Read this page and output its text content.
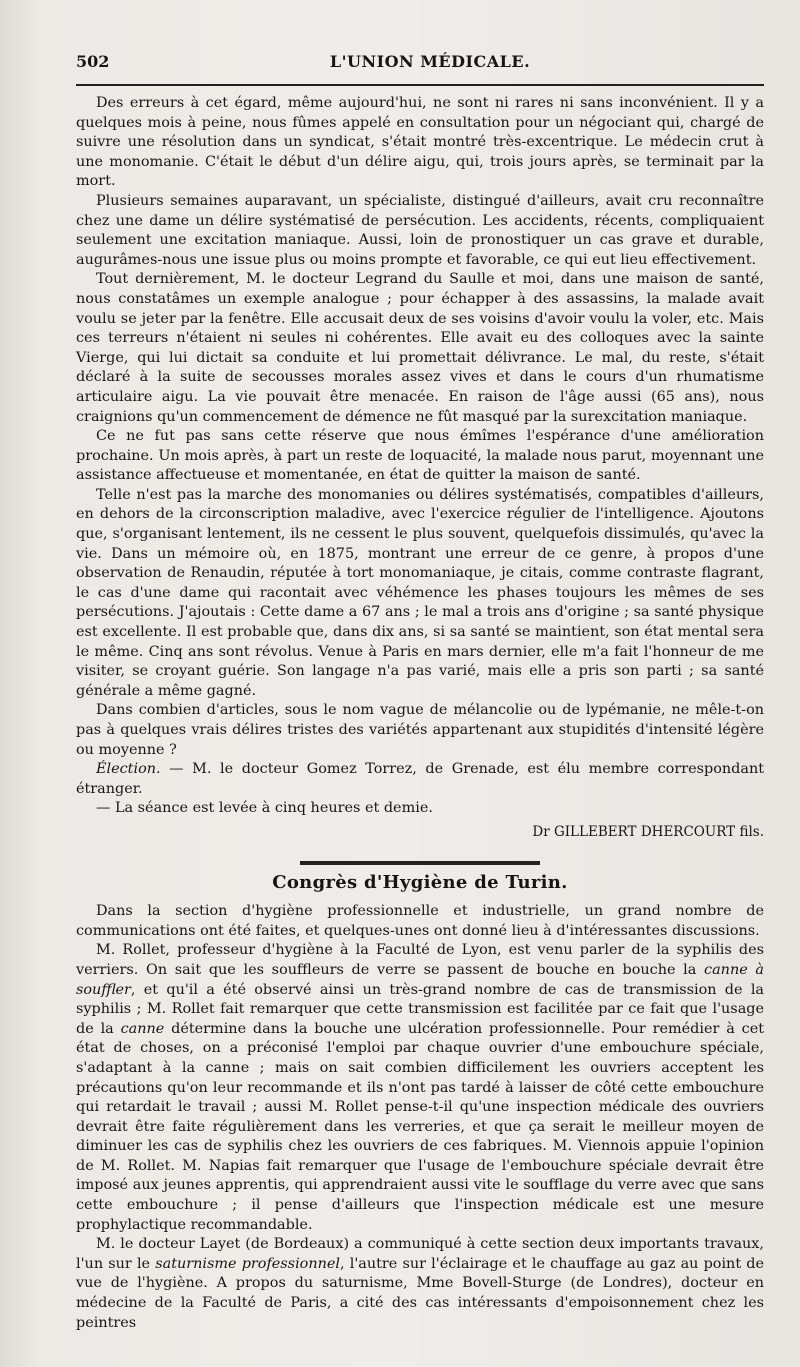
502	L'UNION MÉDICALE.

Des erreurs à cet égard, même aujourd'hui, ne sont ni rares ni sans inconvénient. Il y a quelques mois à peine, nous fûmes appelé en consultation pour un négociant qui, chargé de suivre une résolution dans un syndicat, s'était montré très-excentrique. Le médecin crut à une monomanie. C'était le début d'un délire aigu, qui, trois jours après, se terminait par la mort.

Plusieurs semaines auparavant, un spécialiste, distingué d'ailleurs, avait cru reconnaître chez une dame un délire systématisé de persécution. Les accidents, récents, compliquaient seulement une excitation maniaque. Aussi, loin de pronostiquer un cas grave et durable, augurâmes-nous une issue plus ou moins prompte et favorable, ce qui eut lieu effectivement.

Tout dernièrement, M. le docteur Legrand du Saulle et moi, dans une maison de santé, nous constatâmes un exemple analogue ; pour échapper à des assassins, la malade avait voulu se jeter par la fenêtre. Elle accusait deux de ses voisins d'avoir voulu la voler, etc. Mais ces terreurs n'étaient ni seules ni cohérentes. Elle avait eu des colloques avec la sainte Vierge, qui lui dictait sa conduite et lui promettait délivrance. Le mal, du reste, s'était déclaré à la suite de secousses morales assez vives et dans le cours d'un rhumatisme articulaire aigu. La vie pouvait être menacée. En raison de l'âge aussi (65 ans), nous craignions qu'un commencement de démence ne fût masqué par la surexcitation maniaque.

Ce ne fut pas sans cette réserve que nous émîmes l'espérance d'une amélioration prochaine. Un mois après, à part un reste de loquacité, la malade nous parut, moyennant une assistance affectueuse et momentanée, en état de quitter la maison de santé.

Telle n'est pas la marche des monomanies ou délires systématisés, compatibles d'ailleurs, en dehors de la circonscription maladive, avec l'exercice régulier de l'intelligence. Ajoutons que, s'organisant lentement, ils ne cessent le plus souvent, quelquefois dissimulés, qu'avec la vie. Dans un mémoire où, en 1875, montrant une erreur de ce genre, à propos d'une observation de Renaudin, réputée à tort monomaniaque, je citais, comme contraste flagrant, le cas d'une dame qui racontait avec véhémence les phases toujours les mêmes de ses persécutions. J'ajoutais : Cette dame a 67 ans ; le mal a trois ans d'origine ; sa santé physique est excellente. Il est probable que, dans dix ans, si sa santé se maintient, son état mental sera le même. Cinq ans sont révolus. Venue à Paris en mars dernier, elle m'a fait l'honneur de me visiter, se croyant guérie. Son langage n'a pas varié, mais elle a pris son parti ; sa santé générale a même gagné.

Dans combien d'articles, sous le nom vague de mélancolie ou de lypémanie, ne mêle-t-on pas à quelques vrais délires tristes des variétés appartenant aux stupidités d'intensité légère ou moyenne ?

Élection. — M. le docteur Gomez Torrez, de Grenade, est élu membre correspondant étranger.

— La séance est levée à cinq heures et demie.

Dr GILLEBERT DHERCOURT fils.
Congrès d'Hygiène de Turin.

Dans la section d'hygiène professionnelle et industrielle, un grand nombre de communications ont été faites, et quelques-unes ont donné lieu à d'intéressantes discussions.

M. Rollet, professeur d'hygiène à la Faculté de Lyon, est venu parler de la syphilis des verriers. On sait que les souffleurs de verre se passent de bouche en bouche la canne à souffler, et qu'il a été observé ainsi un très-grand nombre de cas de transmission de la syphilis ; M. Rollet fait remarquer que cette transmission est facilitée par ce fait que l'usage de la canne détermine dans la bouche une ulcération professionnelle. Pour remédier à cet état de choses, on a préconisé l'emploi par chaque ouvrier d'une embouchure spéciale, s'adaptant à la canne ; mais on sait combien difficilement les ouvriers acceptent les précautions qu'on leur recommande et ils n'ont pas tardé à laisser de côté cette embouchure qui retardait le travail ; aussi M. Rollet pense-t-il qu'une inspection médicale des ouvriers devrait être faite régulièrement dans les verreries, et que ça serait le meilleur moyen de diminuer les cas de syphilis chez les ouvriers de ces fabriques. M. Viennois appuie l'opinion de M. Rollet. M. Napias fait remarquer que l'usage de l'embouchure spéciale devrait être imposé aux jeunes apprentis, qui apprendraient aussi vite le soufflage du verre avec que sans cette embouchure ; il pense d'ailleurs que l'inspection médicale est une mesure prophylactique recommandable.

M. le docteur Layet (de Bordeaux) a communiqué à cette section deux importants travaux, l'un sur le saturnisme professionnel, l'autre sur l'éclairage et le chauffage au gaz au point de vue de l'hygiène. A propos du saturnisme, Mme Bovell-Sturge (de Londres), docteur en médecine de la Faculté de Paris, a cité des cas intéressants d'empoisonnement chez les peintres
